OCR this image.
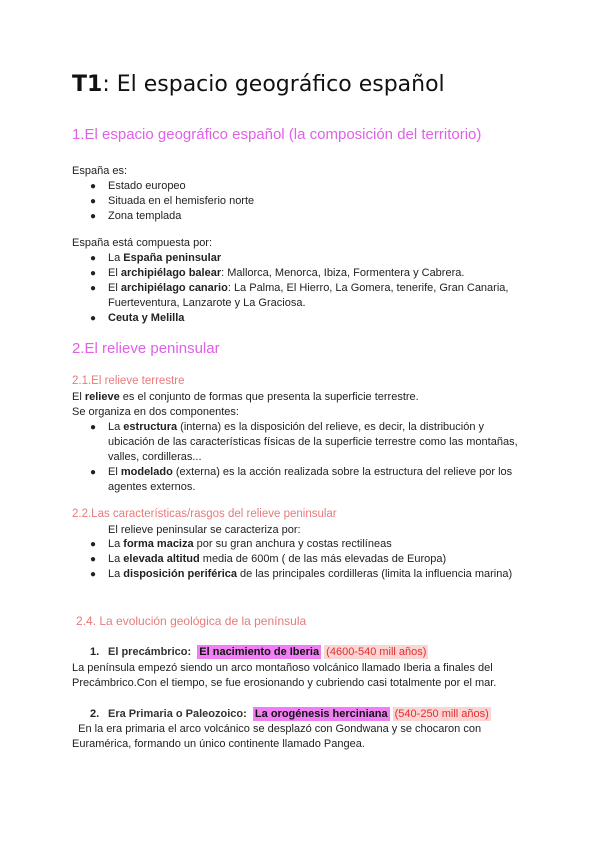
T1: El espacio geográfico español
1.El espacio geográfico español (la composición del territorio)
España es:
● Estado europeo
● Situada en el hemisferio norte
● Zona templada
España está compuesta por:
● La España peninsular
● El archipiélago balear: Mallorca, Menorca, Ibiza, Formentera y Cabrera.
● El archipiélago canario: La Palma, El Hierro, La Gomera, tenerife, Gran Canaria, Fuerteventura, Lanzarote y La Graciosa.
● Ceuta y Melilla
2.El relieve peninsular
2.1.El relieve terrestre
El relieve es el conjunto de formas que presenta la superficie terrestre.
Se organiza en dos componentes:
● La estructura (interna) es la disposición del relieve, es decir, la distribución y ubicación de las características físicas de la superficie terrestre como las montañas, valles, cordilleras...
● El modelado (externa) es la acción realizada sobre la estructura del relieve por los agentes externos.
2.2.Las características/rasgos del relieve peninsular
El relieve peninsular se caracteriza por:
● La forma maciza por su gran anchura y costas rectilíneas
● La elevada altitud media de 600m ( de las más elevadas de Europa)
● La disposición periférica de las principales cordilleras (limita la influencia marina)
2.4. La evolución geológica de la península
1. El precámbrico: El nacimiento de Iberia (4600-540 mill años)
La península empezó siendo un arco montañoso volcánico llamado Iberia a finales del Precámbrico.Con el tiempo, se fue erosionando y cubriendo casi totalmente por el mar.
2. Era Primaria o Paleozoico: La orogénesis herciniana (540-250 mill años)
En la era primaria el arco volcánico se desplazó con Gondwana y se chocaron con Euramérica, formando un único continente llamado Pangea.
